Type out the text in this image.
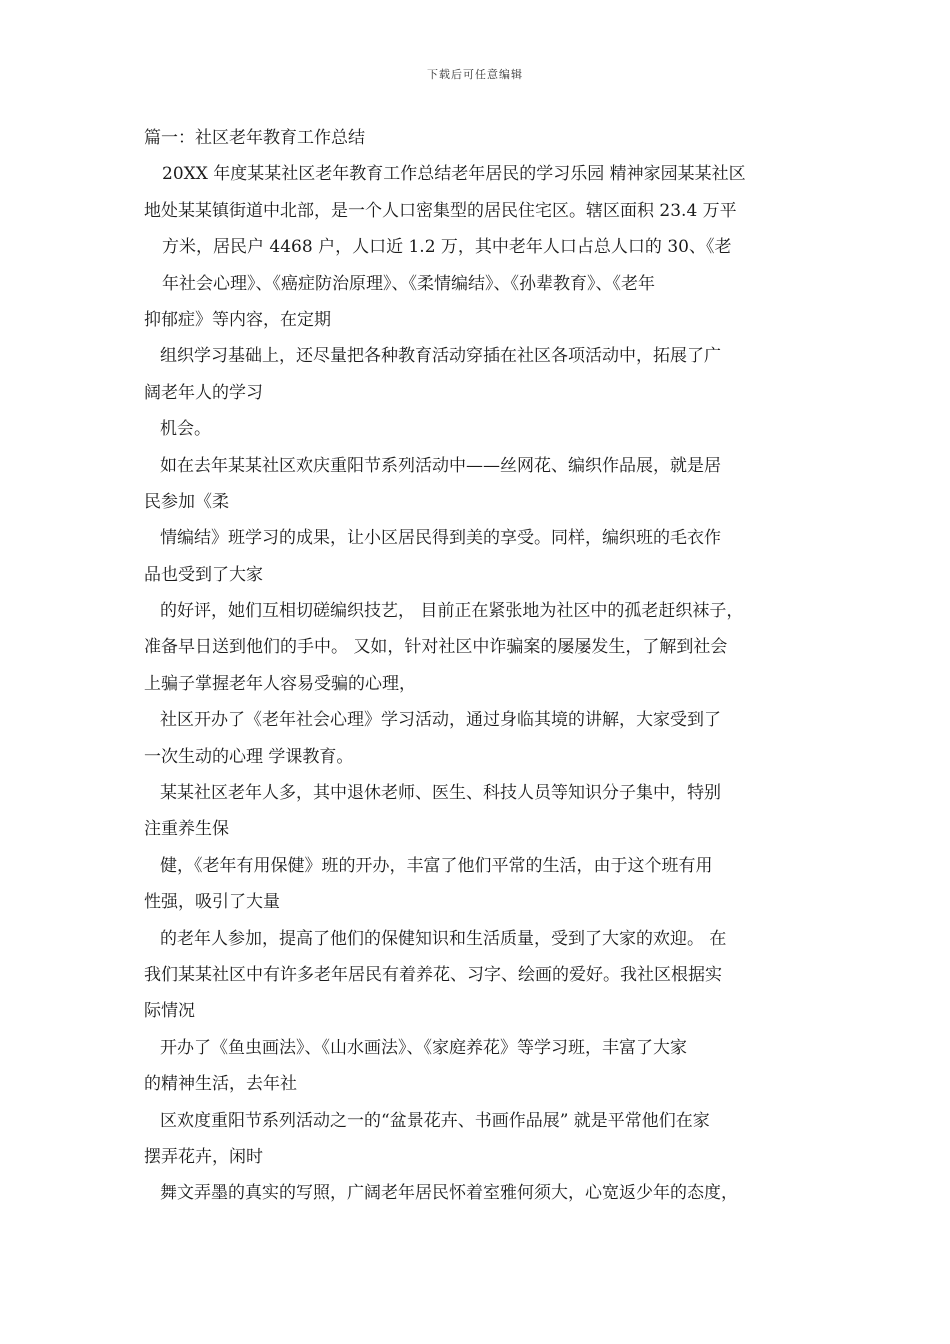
下载后可任意编辑
篇一：社区老年教育工作总结
20XX 年度某某社区老年教育工作总结老年居民的学习乐园 精神家园某某社区
地处某某镇街道中北部，是一个人口密集型的居民住宅区。辖区面积 23.4 万平
方米，居民户 4468 户，人口近 1.2 万，其中老年人口占总人口的 30、《老
年社会心理》、《癌症防治原理》、《柔情编结》、《孙辈教育》、《老年
抑郁症》等内容，在定期
组织学习基础上，还尽量把各种教育活动穿插在社区各项活动中，拓展了广
阔老年人的学习
机会。
如在去年某某社区欢庆重阳节系列活动中——丝网花、编织作品展，就是居
民参加《柔
情编结》班学习的成果，让小区居民得到美的享受。同样，编织班的毛衣作
品也受到了大家
的好评，她们互相切磋编织技艺， 目前正在紧张地为社区中的孤老赶织袜子，
准备早日送到他们的手中。 又如，针对社区中诈骗案的屡屡发生，了解到社会
上骗子掌握老年人容易受骗的心理，
社区开办了《老年社会心理》学习活动，通过身临其境的讲解，大家受到了
一次生动的心理 学课教育。
某某社区老年人多，其中退休老师、医生、科技人员等知识分子集中，特别
注重养生保
健，《老年有用保健》班的开办，丰富了他们平常的生活，由于这个班有用
性强，吸引了大量
的老年人参加，提高了他们的保健知识和生活质量，受到了大家的欢迎。 在
我们某某社区中有许多老年居民有着养花、习字、绘画的爱好。我社区根据实
际情况
开办了《鱼虫画法》、《山水画法》、《家庭养花》等学习班，丰富了大家
的精神生活，去年社
区欢度重阳节系列活动之一的“盆景花卉、书画作品展” 就是平常他们在家
摆弄花卉，闲时
舞文弄墨的真实的写照，广阔老年居民怀着室雅何须大，心宽返少年的态度，
